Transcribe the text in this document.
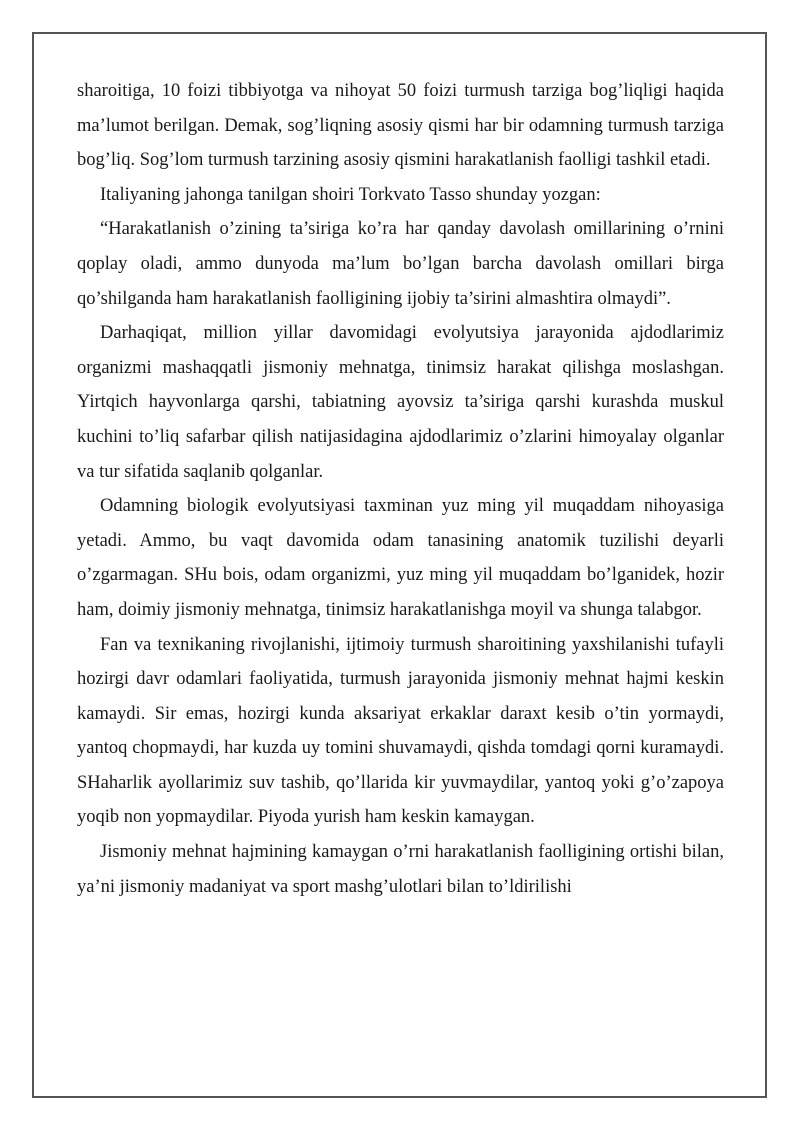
sharoitiga, 10 foizi tibbiyotga va nihoyat 50 foizi turmush tarziga bog’liqligi haqida ma’lumot berilgan. Demak, sog’liqning asosiy qismi har bir odamning turmush tarziga bog’liq. Sog’lom turmush tarzining asosiy qismini harakatlanish faolligi tashkil etadi.

Italiyaning jahonga tanilgan shoiri Torkvato Tasso shunday yozgan:

“Harakatlanish o’zining ta’siriga ko’ra har qanday davolash omillarining o’rnini qoplay oladi, ammo dunyoda ma’lum bo’lgan barcha davolash omillari birga qo’shilganda ham harakatlanish faolligining ijobiy ta’sirini almashtira olmaydi”.

Darhaqiqat, million yillar davomidagi evolyutsiya jarayonida ajdodlarimiz organizmi mashaqqatli jismoniy mehnatga, tinimsiz harakat qilishga moslashgan. Yirtqich hayvonlarga qarshi, tabiatning ayovsiz ta’siriga qarshi kurashda muskul kuchini to’liq safarbar qilish natijasidagina ajdodlarimiz o’zlarini himoyalay olganlar va tur sifatida saqlanib qolganlar.

Odamning biologik evolyutsiyasi taxminan yuz ming yil muqaddam nihoyasiga yetadi. Ammo, bu vaqt davomida odam tanasining anatomik tuzilishi deyarli o’zgarmagan. SHu bois, odam organizmi, yuz ming yil muqaddam bo’lganidek, hozir ham, doimiy jismoniy mehnatga, tinimsiz harakatlanishga moyil va shunga talabgor.

Fan va texnikaning rivojlanishi, ijtimoiy turmush sharoitining yaxshilanishi tufayli hozirgi davr odamlari faoliyatida, turmush jarayonida jismoniy mehnat hajmi keskin kamaydi. Sir emas, hozirgi kunda aksariyat erkaklar daraxt kesib o’tin yormaydi, yantoq chopmaydi, har kuzda uy tomini shuvamaydi, qishda tomdagi qorni kuramaydi. SHaharlik ayollarimiz suv tashib, qo’llarida kir yuvmaydilar, yantoq yoki g’o’zapoya yoqib non yopmaydilar. Piyoda yurish ham keskin kamaygan.

Jismoniy mehnat hajmining kamaygan o’rni harakatlanish faolligining ortishi bilan, ya’ni jismoniy madaniyat va sport mashg’ulotlari bilan to’ldirilishi
